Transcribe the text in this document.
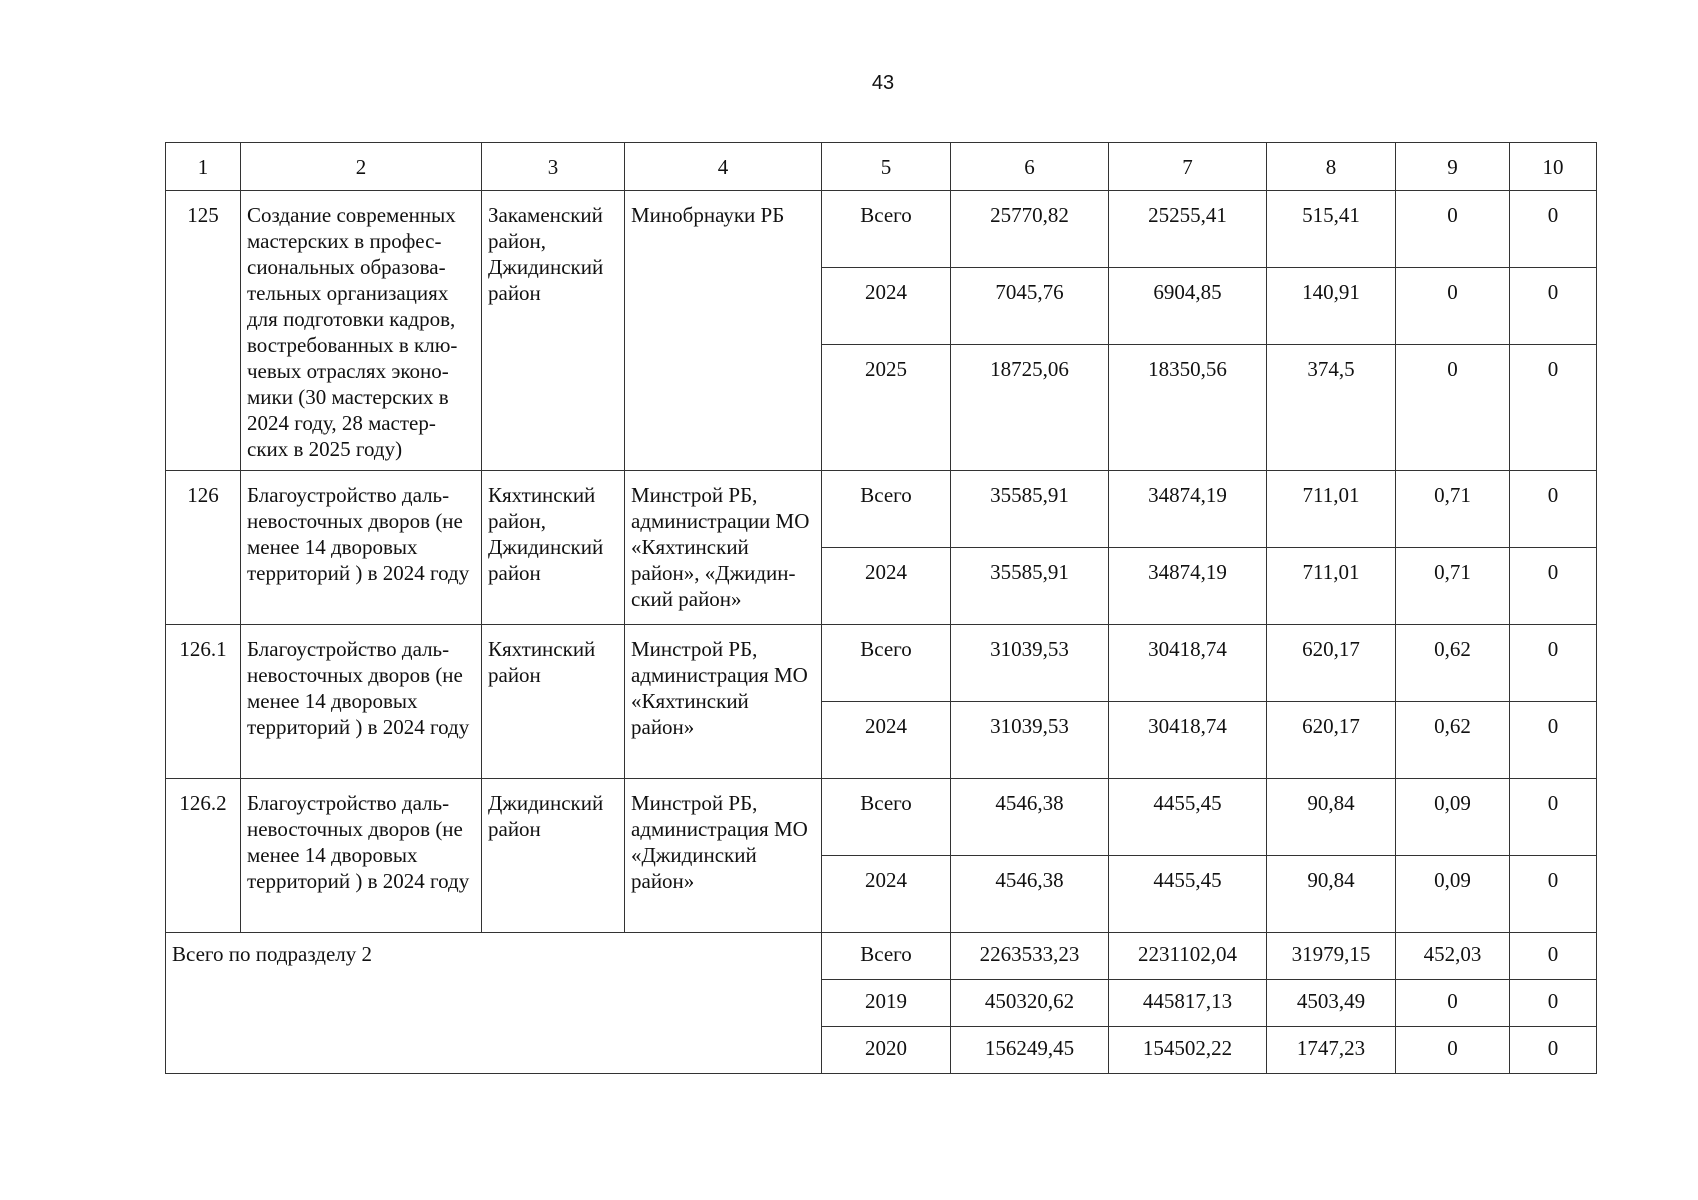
43
1	2	3	4	5	6	7	8	9	10
125	Создание современных мастерских в профес-сиональных образова-тельных организациях для подготовки кадров, востребованных в клю-чевых отраслях эконо-мики (30 мастерских в 2024 году, 28 мастер-ских в 2025 году)	Закаменский район, Джидинский район	Минобрнауки РБ	Всего	25770,82	25255,41	515,41	0	0
				2024	7045,76	6904,85	140,91	0	0
				2025	18725,06	18350,56	374,5	0	0
126	Благоустройство даль-невосточных дворов (не менее 14 дворовых территорий ) в 2024 году	Кяхтинский район, Джидинский район	Минстрой РБ, администрации МО «Кяхтинский район», «Джидин-ский район»	Всего	35585,91	34874,19	711,01	0,71	0
				2024	35585,91	34874,19	711,01	0,71	0
126.1	Благоустройство даль-невосточных дворов (не менее 14 дворовых территорий ) в 2024 году	Кяхтинский район	Минстрой РБ, администрация МО «Кяхтинский район»	Всего	31039,53	30418,74	620,17	0,62	0
				2024	31039,53	30418,74	620,17	0,62	0
126.2	Благоустройство даль-невосточных дворов (не менее 14 дворовых территорий ) в 2024 году	Джидинский район	Минстрой РБ, администрация МО «Джидинский район»	Всего	4546,38	4455,45	90,84	0,09	0
				2024	4546,38	4455,45	90,84	0,09	0
Всего по подразделу 2				Всего	2263533,23	2231102,04	31979,15	452,03	0
				2019	450320,62	445817,13	4503,49	0	0
				2020	156249,45	154502,22	1747,23	0	0
